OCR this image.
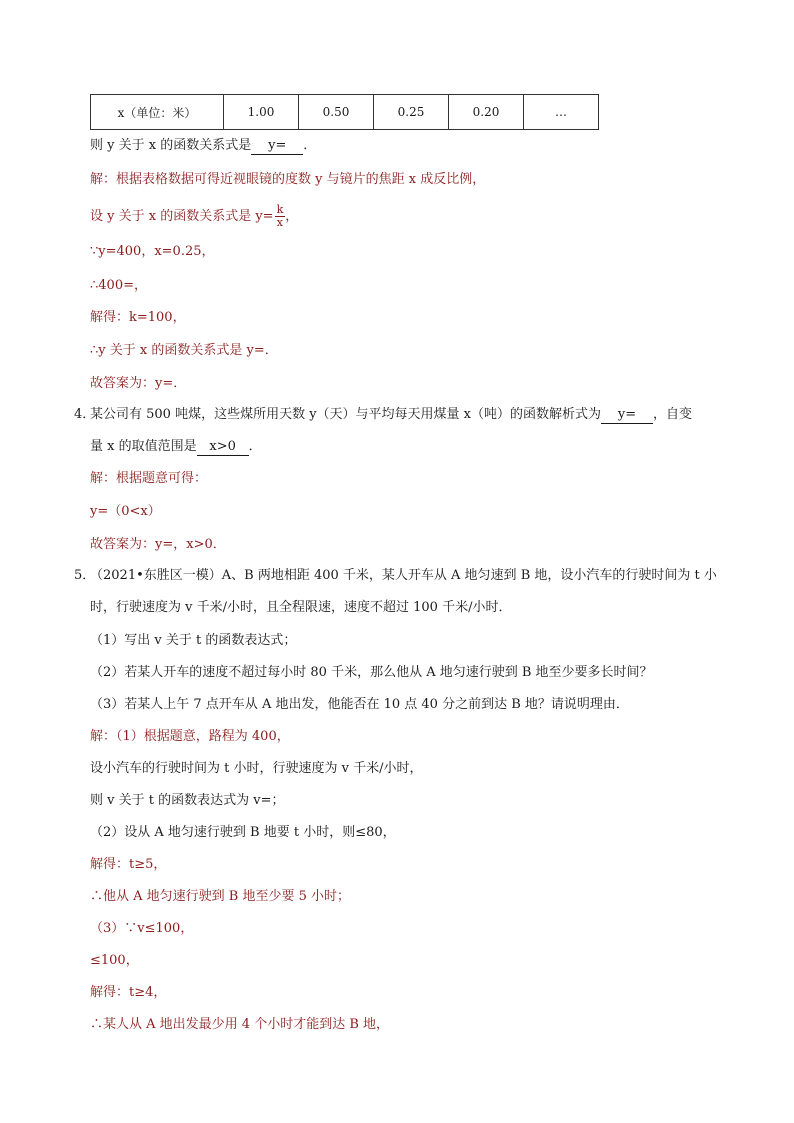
x（单位：米）	1.00	0.50	0.25	0.20	…
则 y 关于 x 的函数关系式是 y= ．
解：根据表格数据可得近视眼镜的度数 y 与镜片的焦距 x 成反比例，
设 y 关于 x 的函数关系式是 $y= \frac{k}{x}$ ，
∵y=400，x=0.25，
∴400=，
解得：k=100，
∴y 关于 x 的函数关系式是 y=．
故答案为：y=．
4．
某公司有 500 吨煤，这些煤所用天数 y（天）与平均每天用煤量 x（吨）的函数解析式为 y= ，自变
量 x 的取值范围是 x>0 ．
解：根据题意可得：
y=（0<x）
故答案为：y=，x>0．
5．
（2021•东胜区一模）A、B 两地相距 400 千米，某人开车从 A 地匀速到 B 地，设小汽车的行驶时间为 t 小
时，行驶速度为 v 千米/小时，且全程限速，速度不超过 100 千米/小时．
（1）写出 v 关于 t 的函数表达式；
（2）若某人开车的速度不超过每小时 80 千米，那么他从 A 地匀速行驶到 B 地至少要多长时间？
（3）若某人上午 7 点开车从 A 地出发，他能否在 10 点 40 分之前到达 B 地？请说明理由．
解：（1）根据题意，路程为 400，
设小汽车的行驶时间为 t 小时，行驶速度为 v 千米/小时，
则 v 关于 t 的函数表达式为 v=；
（2）设从 A 地匀速行驶到 B 地要 t 小时，则≤80，
解得：t≥5，
∴他从 A 地匀速行驶到 B 地至少要 5 小时；
（3）∵v≤100，
≤100，
解得：t≥4，
∴某人从 A 地出发最少用 4 个小时才能到达 B 地，
